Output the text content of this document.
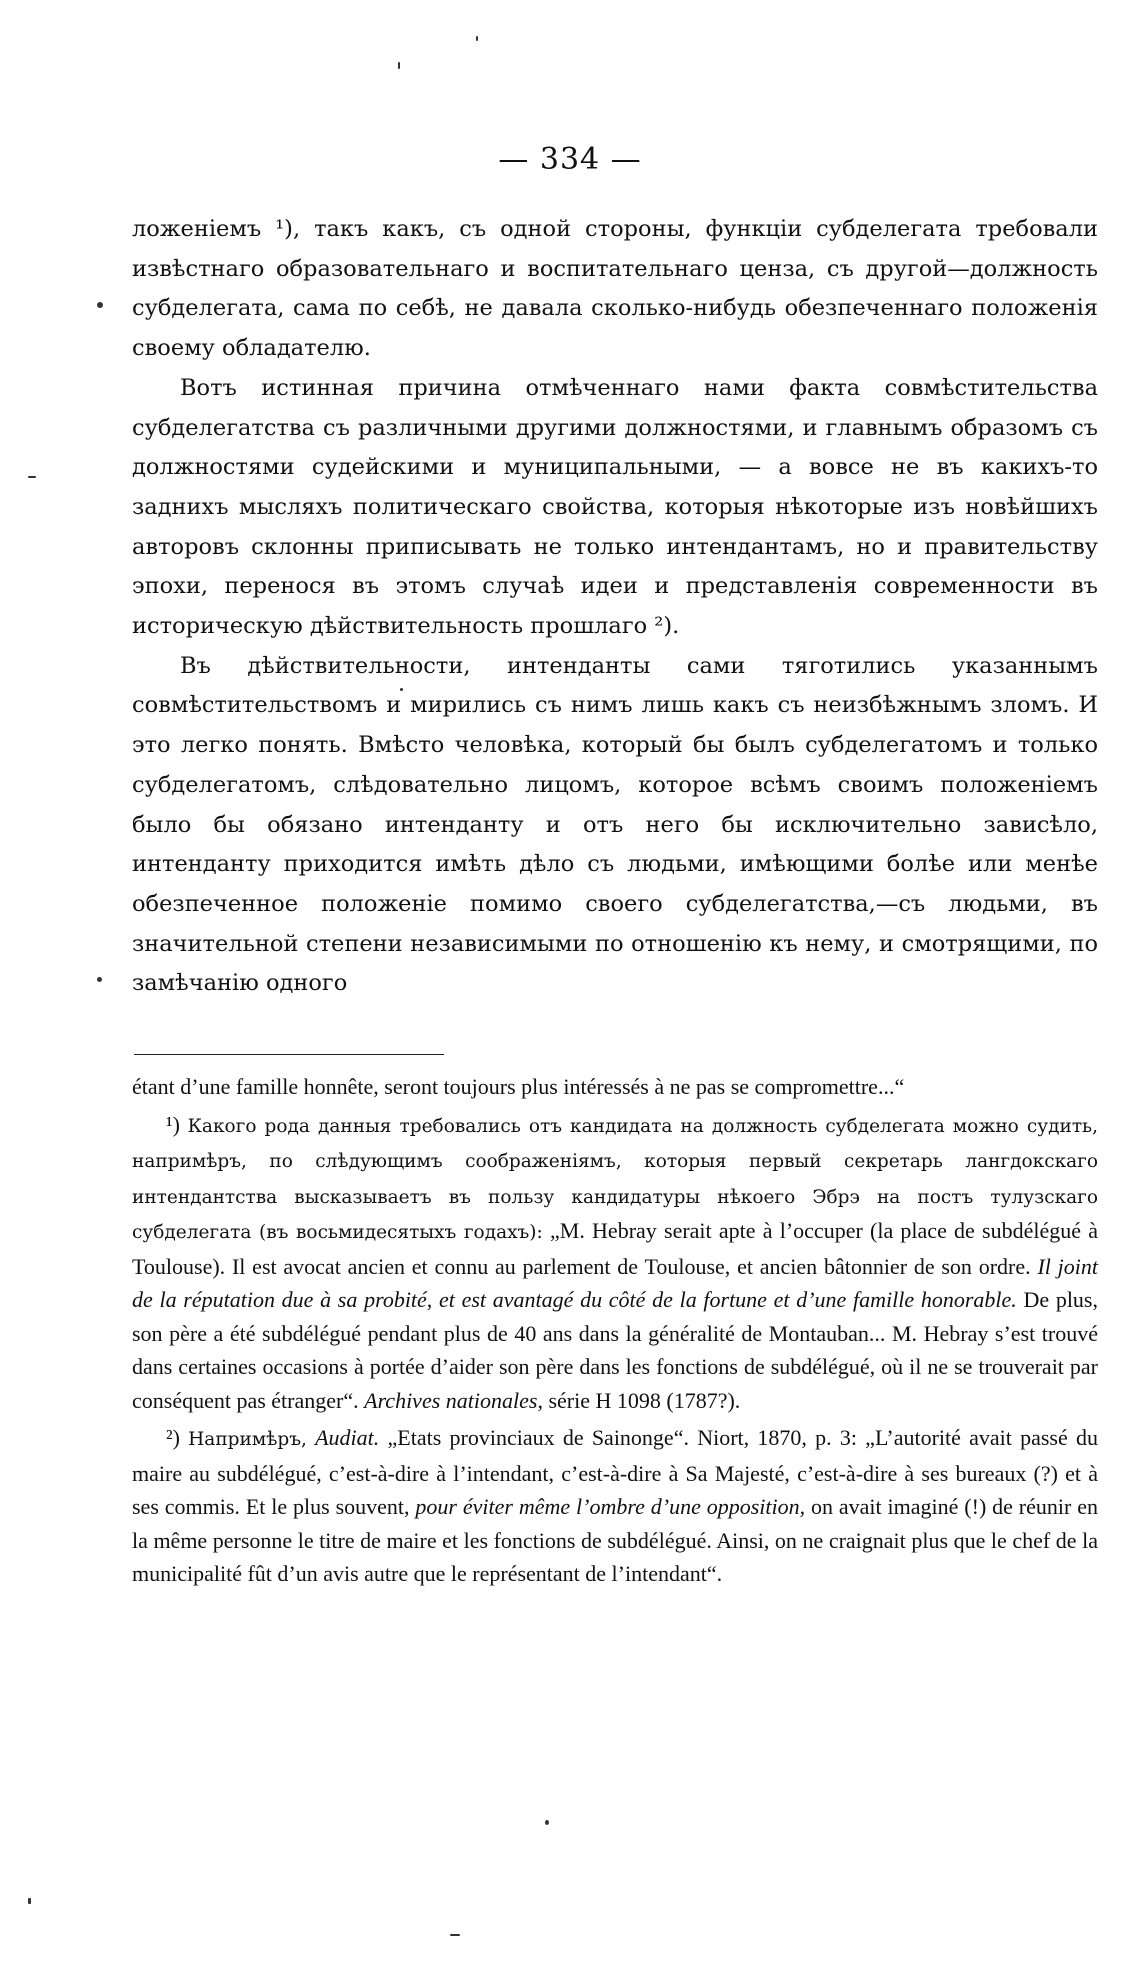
— 334 —

ложеніемъ ¹), такъ какъ, съ одной стороны, функціи субделегата требовали извѣстнаго образовательнаго и воспитательнаго ценза, съ другой—должность субделегата, сама по себѣ, не давала сколько-нибудь обезпеченнаго положенія своему обладателю.

Вотъ истинная причина отмѣченнаго нами факта совмѣстительства субделегатства съ различными другими должностями, и главнымъ образомъ съ должностями судейскими и муниципальными, — а вовсе не въ какихъ-то заднихъ мысляхъ политическаго свойства, которыя нѣкоторые изъ новѣйшихъ авторовъ склонны приписывать не только интендантамъ, но и правительству эпохи, перенося въ этомъ случаѣ идеи и представленія современности въ историческую дѣйствительность прошлаго ²).

Въ дѣйствительности, интенданты сами тяготились указаннымъ совмѣстительствомъ и мирились съ нимъ лишь какъ съ неизбѣжнымъ зломъ. И это легко понять. Вмѣсто человѣка, который бы былъ субделегатомъ и только субделегатомъ, слѣдовательно лицомъ, которое всѣмъ своимъ положеніемъ было бы обязано интенданту и отъ него бы исключительно зависѣло, интенданту приходится имѣть дѣло съ людьми, имѣющими болѣе или менѣе обезпеченное положеніе помимо своего субделегатства,—съ людьми, въ значительной степени независимыми по отношенію къ нему, и смотрящими, по замѣчанію одного

étant d’une famille honnête, seront toujours plus intéressés à ne pas se compromettre...“

¹) Какого рода данныя требовались отъ кандидата на должность субделегата можно судить, напримѣръ, по слѣдующимъ соображеніямъ, которыя первый секретарь лангдокскаго интендантства высказываетъ въ пользу кандидатуры нѣкоего Эбрэ на постъ тулузскаго субделегата (въ восьмидесятыхъ годахъ): „M. Hebray serait apte à l’occuper (la place de subdélégué à Toulouse). Il est avocat ancien et connu au parlement de Toulouse, et ancien bâtonnier de son ordre. Il joint de la réputation due à sa probité, et est avantagé du côté de la fortune et d’une famille honorable. De plus, son père a été subdélégué pendant plus de 40 ans dans la généralité de Montauban... M. Hebray s’est trouvé dans certaines occasions à portée d’aider son père dans les fonctions de subdélégué, où il ne se trouverait par conséquent pas étranger“. Archives nationales, série H 1098 (1787?).

²) Напримѣръ, Audiat. „Etats provinciaux de Sainonge“. Niort, 1870, p. 3: „L’autorité avait passé du maire au subdélégué, c’est-à-dire à l’intendant, c’est-à-dire à Sa Majesté, c’est-à-dire à ses bureaux (?) et à ses commis. Et le plus souvent, pour éviter même l’ombre d’une opposition, on avait imaginé (!) de réunir en la même personne le titre de maire et les fonctions de subdélégué. Ainsi, on ne craignait plus que le chef de la municipalité fût d’un avis autre que le représentant de l’intendant“.
